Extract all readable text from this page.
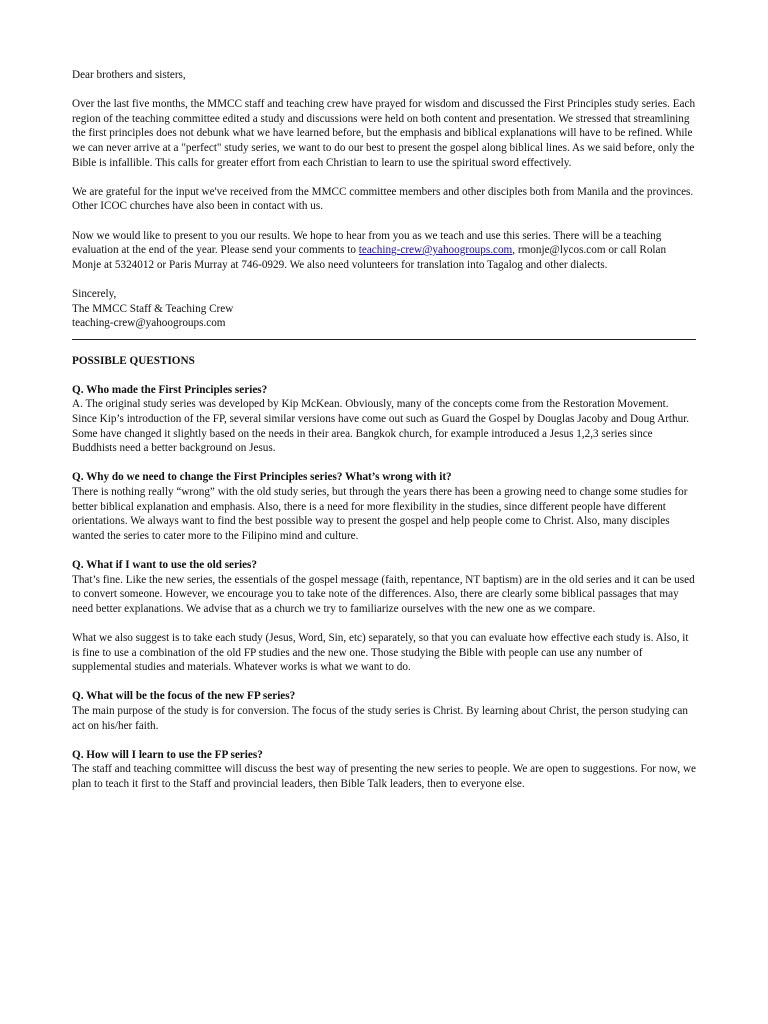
Dear brothers and sisters,

Over the last five months, the MMCC staff and teaching crew have prayed for wisdom and discussed the First Principles study series. Each region of the teaching committee edited a study and discussions were held on both content and presentation. We stressed that streamlining the first principles does not debunk what we have learned before, but the emphasis and biblical explanations will have to be refined. While we can never arrive at a "perfect" study series, we want to do our best to present the gospel along biblical lines. As we said before, only the Bible is infallible. This calls for greater effort from each Christian to learn to use the spiritual sword effectively.

We are grateful for the input we've received from the MMCC committee members and other disciples both from Manila and the provinces. Other ICOC churches have also been in contact with us.

Now we would like to present to you our results. We hope to hear from you as we teach and use this series. There will be a teaching evaluation at the end of the year. Please send your comments to teaching-crew@yahoogroups.com, rmonje@lycos.com or call Rolan Monje at 5324012 or Paris Murray at 746-0929. We also need volunteers for translation into Tagalog and other dialects.

Sincerely,

The MMCC Staff & Teaching Crew

teaching-crew@yahoogroups.com

POSSIBLE QUESTIONS

Q. Who made the First Principles series?

A. The original study series was developed by Kip McKean. Obviously, many of the concepts come from the Restoration Movement. Since Kip’s introduction of the FP, several similar versions have come out such as Guard the Gospel by Douglas Jacoby and Doug Arthur. Some have changed it slightly based on the needs in their area. Bangkok church, for example introduced a Jesus 1,2,3 series since Buddhists need a better background on Jesus.

Q. Why do we need to change the First Principles series? What’s wrong with it?

There is nothing really “wrong” with the old study series, but through the years there has been a growing need to change some studies for better biblical explanation and emphasis. Also, there is a need for more flexibility in the studies, since different people have different orientations. We always want to find the best possible way to present the gospel and help people come to Christ. Also, many disciples wanted the series to cater more to the Filipino mind and culture.

Q. What if I want to use the old series?

That’s fine. Like the new series, the essentials of the gospel message (faith, repentance, NT baptism) are in the old series and it can be used to convert someone. However, we encourage you to take note of the differences. Also, there are clearly some biblical passages that may need better explanations. We advise that as a church we try to familiarize ourselves with the new one as we compare.

What we also suggest is to take each study (Jesus, Word, Sin, etc) separately, so that you can evaluate how effective each study is. Also, it is fine to use a combination of the old FP studies and the new one. Those studying the Bible with people can use any number of supplemental studies and materials. Whatever works is what we want to do.

Q. What will be the focus of the new FP series?

The main purpose of the study is for conversion. The focus of the study series is Christ. By learning about Christ, the person studying can act on his/her faith.

Q. How will I learn to use the FP series?

The staff and teaching committee will discuss the best way of presenting the new series to people. We are open to suggestions. For now, we plan to teach it first to the Staff and provincial leaders, then Bible Talk leaders, then to everyone else.
